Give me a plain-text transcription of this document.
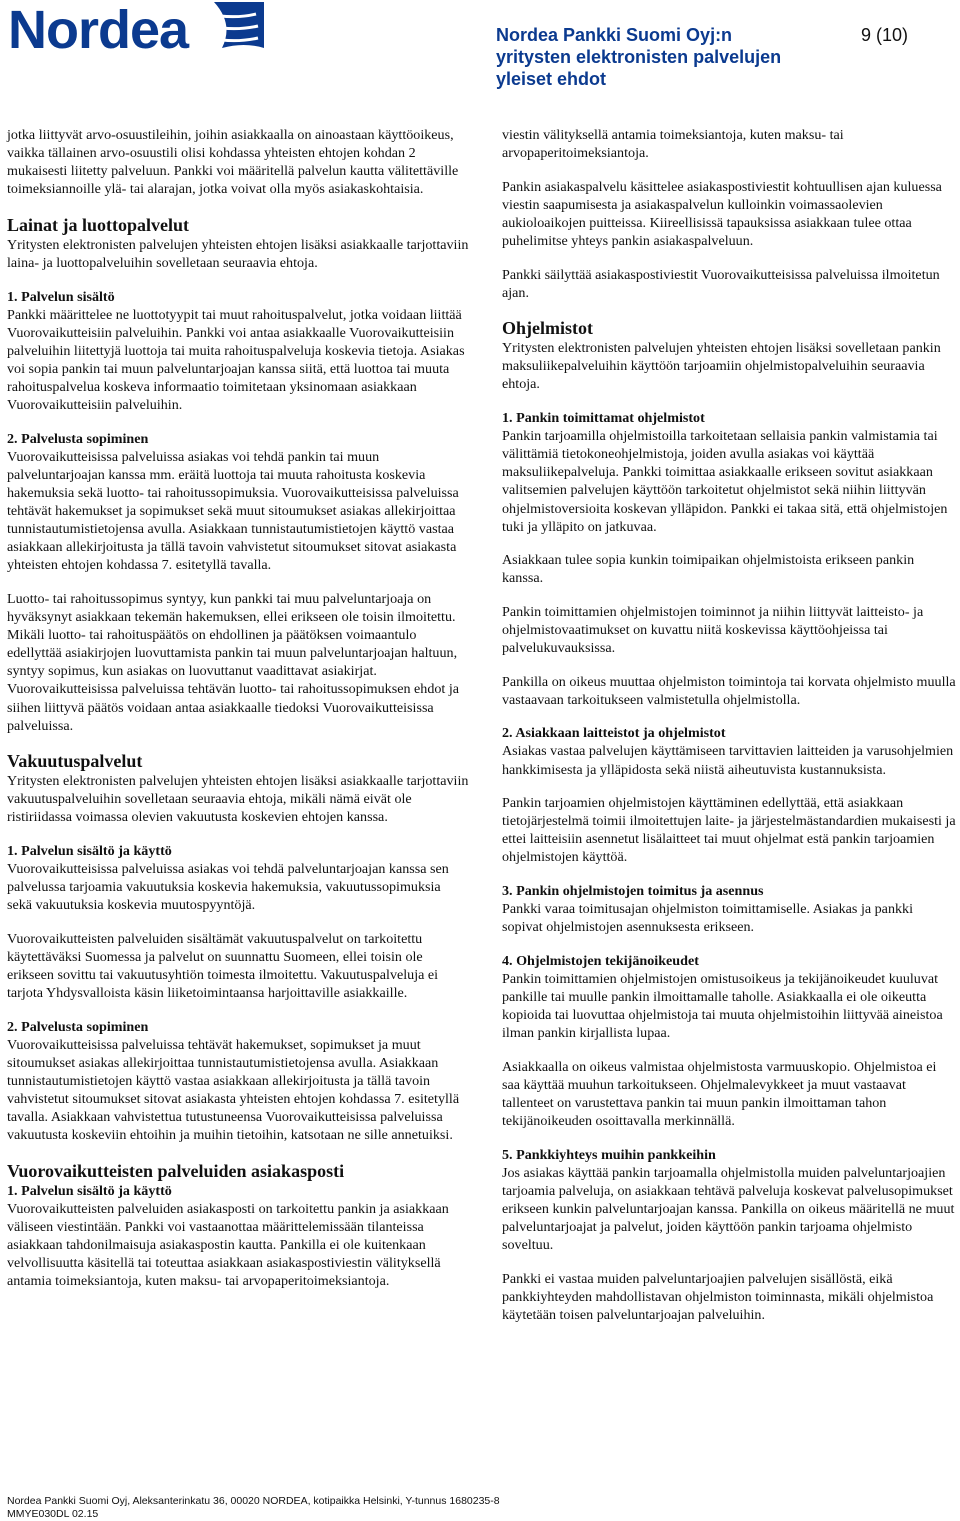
Nordea	Nordea Pankki Suomi Oyj:n
yritysten elektronisten palvelujen
yleiset ehdot
9 (10)

jotka liittyvät arvo-osuustileihin, joihin asiakkaalla on ainoastaan käyttöoikeus, vaikka tällainen arvo-osuustili olisi kohdassa yhteisten ehtojen kohdan 2 mukaisesti liitetty palveluun. Pankki voi määritellä palvelun kautta välitettäville toimeksiannoille ylä- tai alarajan, jotka voivat olla myös asiakaskohtaisia.

Lainat ja luottopalvelut

Yritysten elektronisten palvelujen yhteisten ehtojen lisäksi asiakkaalle tarjottaviin laina- ja luottopalveluihin sovelletaan seuraavia ehtoja.

1. Palvelun sisältö

Pankki määrittelee ne luottotyypit tai muut rahoituspalvelut, jotka voidaan liittää Vuorovaikutteisiin palveluihin. Pankki voi antaa asiakkaalle Vuorovaikutteisiin palveluihin liitettyjä luottoja tai muita rahoituspalveluja koskevia tietoja. Asiakas voi sopia pankin tai muun palveluntarjoajan kanssa siitä, että luottoa tai muuta rahoituspalvelua koskeva informaatio toimitetaan yksinomaan asiakkaan Vuorovaikutteisiin palveluihin.

2. Palvelusta sopiminen

Vuorovaikutteisissa palveluissa asiakas voi tehdä pankin tai muun palveluntarjoajan kanssa mm. eräitä luottoja tai muuta rahoitusta koskevia hakemuksia sekä luotto- tai rahoitussopimuksia. Vuorovaikutteisissa palveluissa tehtävät hakemukset ja sopimukset sekä muut sitoumukset asiakas allekirjoittaa tunnistautumistietojensa avulla. Asiakkaan tunnistautumistietojen käyttö vastaa asiakkaan allekirjoitusta ja tällä tavoin vahvistetut sitoumukset sitovat asiakasta yhteisten ehtojen kohdassa 7. esitetyllä tavalla.

Luotto- tai rahoitussopimus syntyy, kun pankki tai muu palveluntarjoaja on hyväksynyt asiakkaan tekemän hakemuksen, ellei erikseen ole toisin ilmoitettu. Mikäli luotto- tai rahoituspäätös on ehdollinen ja päätöksen voimaantulo edellyttää asiakirjojen luovuttamista pankin tai muun palveluntarjoajan haltuun, syntyy sopimus, kun asiakas on luovuttanut vaadittavat asiakirjat. Vuorovaikutteisissa palveluissa tehtävän luotto- tai rahoitussopimuksen ehdot ja siihen liittyvä päätös voidaan antaa asiakkaalle tiedoksi Vuorovaikutteisissa palveluissa.

Vakuutuspalvelut

Yritysten elektronisten palvelujen yhteisten ehtojen lisäksi asiakkaalle tarjottaviin vakuutuspalveluihin sovelletaan seuraavia ehtoja, mikäli nämä eivät ole ristiriidassa voimassa olevien vakuutusta koskevien ehtojen kanssa.

1. Palvelun sisältö ja käyttö

Vuorovaikutteisissa palveluissa asiakas voi tehdä palveluntarjoajan kanssa sen palvelussa tarjoamia vakuutuksia koskevia hakemuksia, vakuutussopimuksia sekä vakuutuksia koskevia muutospyyntöjä.

Vuorovaikutteisten palveluiden sisältämät vakuutuspalvelut on tarkoitettu käytettäväksi Suomessa ja palvelut on suunnattu Suomeen, ellei toisin ole erikseen sovittu tai vakuutusyhtiön toimesta ilmoitettu. Vakuutuspalveluja ei tarjota Yhdysvalloista käsin liiketoimintaansa harjoittaville asiakkaille.

2. Palvelusta sopiminen

Vuorovaikutteisissa palveluissa tehtävät hakemukset, sopimukset ja muut sitoumukset asiakas allekirjoittaa tunnistautumistietojensa avulla. Asiakkaan tunnistautumistietojen käyttö vastaa asiakkaan allekirjoitusta ja tällä tavoin vahvistetut sitoumukset sitovat asiakasta yhteisten ehtojen kohdassa 7. esitetyllä tavalla. Asiakkaan vahvistettua tutustuneensa Vuorovaikutteisissa palveluissa vakuutusta koskeviin ehtoihin ja muihin tietoihin, katsotaan ne sille annetuiksi.

Vuorovaikutteisten palveluiden asiakasposti
1. Palvelun sisältö ja käyttö

Vuorovaikutteisten palveluiden asiakasposti on tarkoitettu pankin ja asiakkaan väliseen viestintään. Pankki voi vastaanottaa määrittelemissään tilanteissa asiakkaan tahdonilmaisuja asiakaspostin kautta. Pankilla ei ole kuitenkaan velvollisuutta käsitellä tai toteuttaa asiakkaan asiakaspostiviestin välityksellä antamia toimeksiantoja, kuten maksu- tai arvopaperitoimeksiantoja.

viestin välityksellä antamia toimeksiantoja, kuten maksu- tai arvopaperitoimeksiantoja.

Pankin asiakaspalvelu käsittelee asiakaspostiviestit kohtuullisen ajan kuluessa viestin saapumisesta ja asiakaspalvelun kulloinkin voimassaolevien aukioloaikojen puitteissa. Kiireellisissä tapauksissa asiakkaan tulee ottaa puhelimitse yhteys pankin asiakaspalveluun.

Pankki säilyttää asiakaspostiviestit Vuorovaikutteisissa palveluissa ilmoitetun ajan.

Ohjelmistot

Yritysten elektronisten palvelujen yhteisten ehtojen lisäksi sovelletaan pankin maksuliikepalveluihin käyttöön tarjoamiin ohjelmistopalveluihin seuraavia ehtoja.

1. Pankin toimittamat ohjelmistot

Pankin tarjoamilla ohjelmistoilla tarkoitetaan sellaisia pankin valmistamia tai välittämiä tietokoneohjelmistoja, joiden avulla asiakas voi käyttää maksuliikepalveluja. Pankki toimittaa asiakkaalle erikseen sovitut asiakkaan valitsemien palvelujen käyttöön tarkoitetut ohjelmistot sekä niihin liittyvän ohjelmistoversioita koskevan ylläpidon. Pankki ei takaa sitä, että ohjelmistojen tuki ja ylläpito on jatkuvaa.

Asiakkaan tulee sopia kunkin toimipaikan ohjelmistoista erikseen pankin kanssa.

Pankin toimittamien ohjelmistojen toiminnot ja niihin liittyvät laitteisto- ja ohjelmistovaatimukset on kuvattu niitä koskevissa käyttöohjeissa tai palvelukuvauksissa.

Pankilla on oikeus muuttaa ohjelmiston toimintoja tai korvata ohjelmisto muulla vastaavaan tarkoitukseen valmistetulla ohjelmistolla.

2. Asiakkaan laitteistot ja ohjelmistot

Asiakas vastaa palvelujen käyttämiseen tarvittavien laitteiden ja varusohjelmien hankkimisesta ja ylläpidosta sekä niistä aiheutuvista kustannuksista.

Pankin tarjoamien ohjelmistojen käyttäminen edellyttää, että asiakkaan tietojärjestelmä toimii ilmoitettujen laite- ja järjestelmästandardien mukaisesti ja ettei laitteisiin asennetut lisälaitteet tai muut ohjelmat estä pankin tarjoamien ohjelmistojen käyttöä.

3. Pankin ohjelmistojen toimitus ja asennus

Pankki varaa toimitusajan ohjelmiston toimittamiselle. Asiakas ja pankki sopivat ohjelmistojen asennuksesta erikseen.

4. Ohjelmistojen tekijänoikeudet

Pankin toimittamien ohjelmistojen omistusoikeus ja tekijänoikeudet kuuluvat pankille tai muulle pankin ilmoittamalle taholle. Asiakkaalla ei ole oikeutta kopioida tai luovuttaa ohjelmistoja tai muuta ohjelmistoihin liittyvää aineistoa ilman pankin kirjallista lupaa.

Asiakkaalla on oikeus valmistaa ohjelmistosta varmuuskopio. Ohjelmistoa ei saa käyttää muuhun tarkoitukseen. Ohjelmalevykkeet ja muut vastaavat tallenteet on varustettava pankin tai muun pankin ilmoittaman tahon tekijänoikeuden osoittavalla merkinnällä.

5. Pankkiyhteys muihin pankkeihin

Jos asiakas käyttää pankin tarjoamalla ohjelmistolla muiden palveluntarjoajien tarjoamia palveluja, on asiakkaan tehtävä palveluja koskevat palvelusopimukset erikseen kunkin palveluntarjoajan kanssa. Pankilla on oikeus määritellä ne muut palveluntarjoajat ja palvelut, joiden käyttöön pankin tarjoama ohjelmisto soveltuu.

Pankki ei vastaa muiden palveluntarjoajien palvelujen sisällöstä, eikä pankkiyhteyden mahdollistavan ohjelmiston toiminnasta, mikäli ohjelmistoa käytetään toisen palveluntarjoajan palveluihin.

Nordea Pankki Suomi Oyj, Aleksanterinkatu 36, 00020 NORDEA, kotipaikka Helsinki, Y-tunnus 1680235-8
MMYE030DL 02.15
